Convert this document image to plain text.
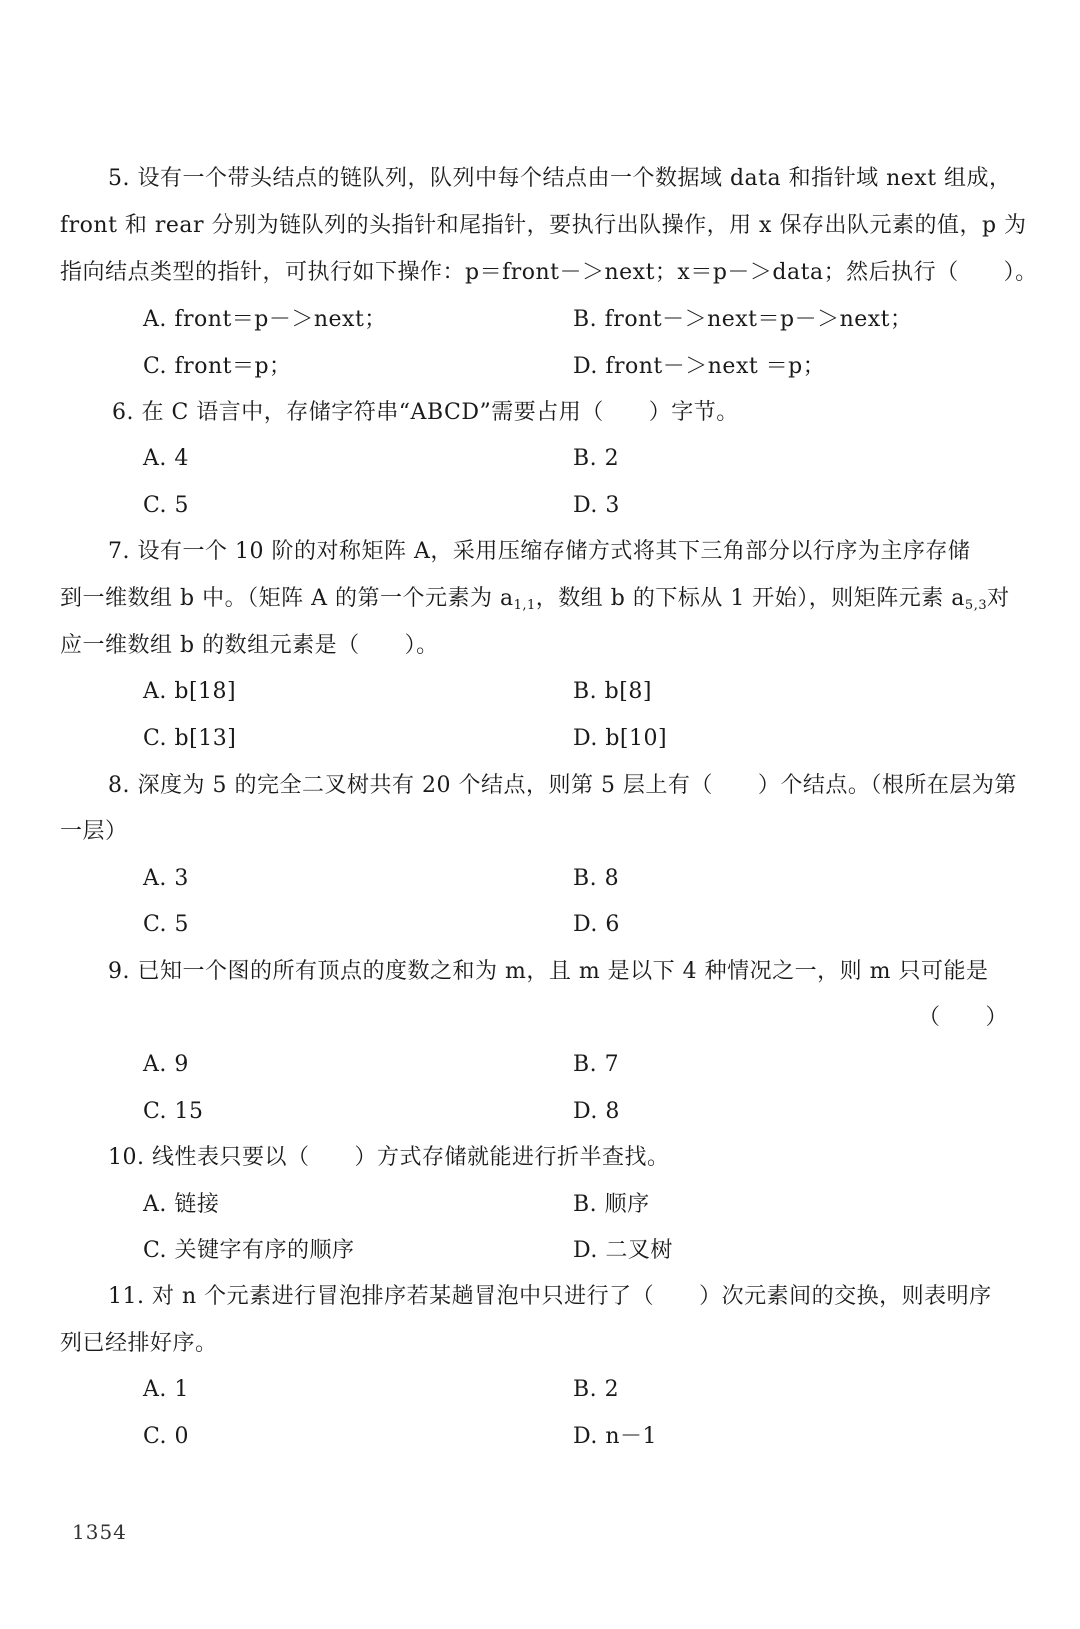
5. 设有一个带头结点的链队列，队列中每个结点由一个数据域 data 和指针域 next 组成，
front 和 rear 分别为链队列的头指针和尾指针，要执行出队操作，用 x 保存出队元素的值，p 为
指向结点类型的指针，可执行如下操作：p＝front－＞next；x＝p－＞data；然后执行（　　）。
A. front＝p－＞next；	B. front－＞next＝p－＞next；
C. front＝p；	D. front－＞next ＝p；
6. 在 C 语言中，存储字符串“ABCD”需要占用（　　）字节。
A. 4	B. 2
C. 5	D. 3
7. 设有一个 10 阶的对称矩阵 A，采用压缩存储方式将其下三角部分以行序为主序存储
到一维数组 b 中。（矩阵 A 的第一个元素为 $a_{1,1}$，数组 b 的下标从 1 开始），则矩阵元素 $a_{5,3}$对
应一维数组 b 的数组元素是（　　）。
A. b[18]	B. b[8]
C. b[13]	D. b[10]
8. 深度为 5 的完全二叉树共有 20 个结点，则第 5 层上有（　　）个结点。（根所在层为第
一层）
A. 3	B. 8
C. 5	D. 6
9. 已知一个图的所有顶点的度数之和为 m，且 m 是以下 4 种情况之一，则 m 只可能是
（　　）
A. 9	B. 7
C. 15	D. 8
10. 线性表只要以（　　）方式存储就能进行折半查找。
A. 链接	B. 顺序
C. 关键字有序的顺序	D. 二叉树
11. 对 n 个元素进行冒泡排序若某趟冒泡中只进行了（　　）次元素间的交换，则表明序
列已经排好序。
A. 1	B. 2
C. 0	D. n－1
1354
